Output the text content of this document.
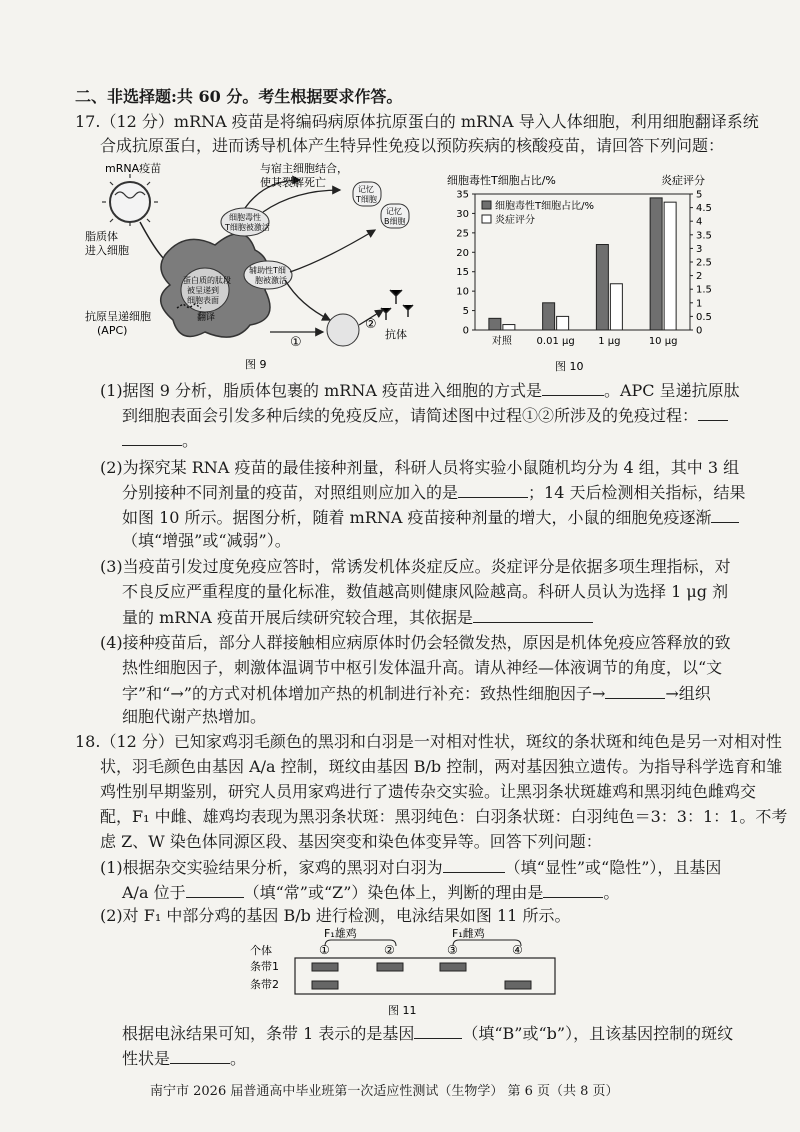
二、非选择题:共 60 分。考生根据要求作答。
17.（12 分）mRNA 疫苗是将编码病原体抗原蛋白的 mRNA 导入人体细胞，利用细胞翻译系统
合成抗原蛋白，进而诱导机体产生特异性免疫以预防疾病的核酸疫苗，请回答下列问题：
mRNA疫苗
脂质体
进入细胞
抗原呈递细胞
(APC)
与宿主细胞结合，
使其裂解死亡
记忆
T细胞
记忆
B细胞
细胞毒性
T细胞被激活
辅助性T细
胞被激活
蛋白质的肽段
被呈递到
细胞表面
翻译
①
②
抗体
图 9
细胞毒性T细胞占比/%	炎症评分
0
5
10
15
20
25
30
35
0
0.5
1
1.5
2
2.5
3
3.5
4
4.5
5
对照 0.01 μg 1 μg	10 μg
细胞毒性T细胞占比/%
炎症评分
图 10
(1)据图 9 分析，脂质体包裹的 mRNA 疫苗进入细胞的方式是	。APC 呈递抗原肽
到细胞表面会引发多种后续的免疫反应，请简述图中过程①②所涉及的免疫过程：
。
(2)为探究某 RNA 疫苗的最佳接种剂量，科研人员将实验小鼠随机均分为 4 组，其中 3 组
分别接种不同剂量的疫苗，对照组则应加入的是	；14 天后检测相关指标，结果
如图 10 所示。据图分析，随着 mRNA 疫苗接种剂量的增大，小鼠的细胞免疫逐渐
（填“增强”或“减弱”）。
(3)当疫苗引发过度免疫应答时，常诱发机体炎症反应。炎症评分是依据多项生理指标，对
不良反应严重程度的量化标准，数值越高则健康风险越高。科研人员认为选择 1 μg 剂
量的 mRNA 疫苗开展后续研究较合理，其依据是
(4)接种疫苗后，部分人群接触相应病原体时仍会轻微发热，原因是机体免疫应答释放的致
热性细胞因子，刺激体温调节中枢引发体温升高。请从神经—体液调节的角度，以“文
字”和“→”的方式对机体增加产热的机制进行补充：致热性细胞因子→	→组织
细胞代谢产热增加。
18.（12 分）已知家鸡羽毛颜色的黑羽和白羽是一对相对性状，斑纹的条状斑和纯色是另一对相对性
状，羽毛颜色由基因 A/a 控制，斑纹由基因 B/b 控制，两对基因独立遗传。为指导科学选育和雏
鸡性别早期鉴别，研究人员用家鸡进行了遗传杂交实验。让黑羽条状斑雄鸡和黑羽纯色雌鸡交
配，F₁ 中雌、雄鸡均表现为黑羽条状斑：黑羽纯色：白羽条状斑：白羽纯色＝3：3：1：1。不考
虑 Z、W 染色体同源区段、基因突变和染色体变异等。回答下列问题：
(1)根据杂交实验结果分析，家鸡的黑羽对白羽为	（填“显性”或“隐性”），且基因
A/a 位于	（填“常”或“Z”）染色体上，判断的理由是	。
(2)对 F₁ 中部分鸡的基因 B/b 进行检测，电泳结果如图 11 所示。
F₁雄鸡	F₁雌鸡
个体
条带1
条带2
①	②	③	④
图 11
根据电泳结果可知，条带 1 表示的是基因	（填“B”或“b”），且该基因控制的斑纹
性状是	。
南宁市 2026 届普通高中毕业班第一次适应性测试（生物学） 第 6 页（共 8 页）
